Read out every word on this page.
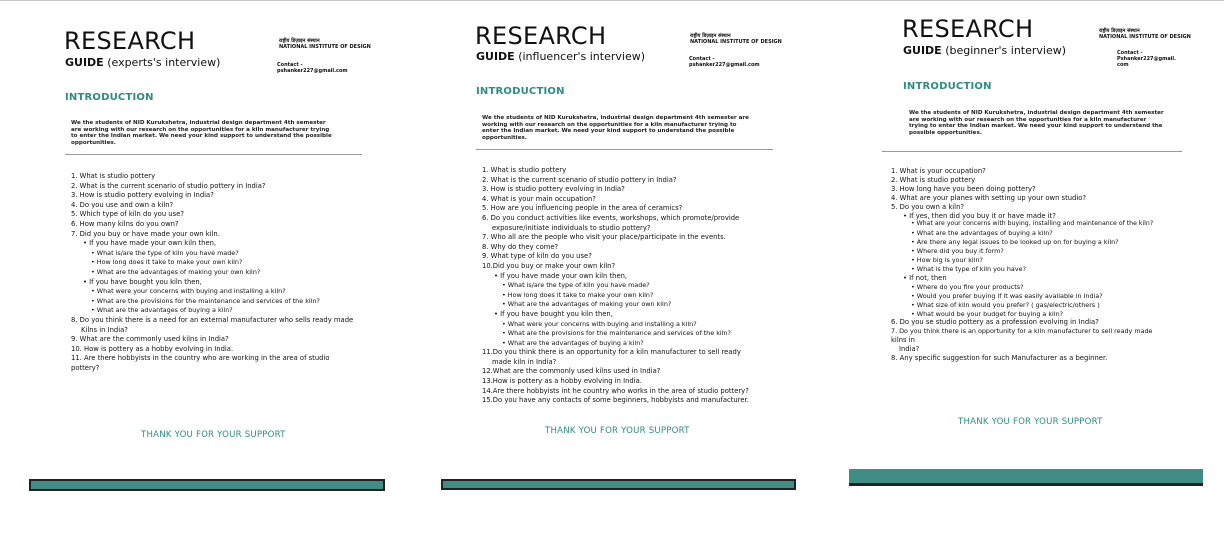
RESEARCH
GUIDE (experts's interview)
राष्ट्रीय डिज़ाइन संस्थान
NATIONAL INSTITUTE OF DESIGN
Contact -
pshanker227@gmail.com
INTRODUCTION
We the students of NID Kurukshetra, industrial design department 4th semester are working with our research on the opportunities for a kiln manufacturer trying to enter the Indian market. We need your kind support to understand the possible opportunities.
1. What is studio pottery
2. What is the current scenario of studio pottery in India?
3. How is studio pottery evolving in India?
4. Do you use and own a kiln?
5. Which type of kiln do you use?
6. How many kilns do you own?
7. Did you buy or have made your own kiln.
• If you have made your own kiln then,
• What is/are the type of kiln you have made?
• How long does it take to make your own kiln?
• What are the advantages of making your own kiln?
• If you have bought you kiln then,
• What were your concerns with buying and installing a kiln?
• What are the provisions for the maintenance and services of the kiln?
• What are the advantages of buying a kiln?
8. Do you think there is a need for an external manufacturer who sells ready made
Kilns in India?
9. What are the commonly used kilns in India?
10. How is pottery as a hobby evolving in India.
11. Are there hobbyists in the country who are working in the area of studio pottery?
THANK YOU FOR YOUR SUPPORT
RESEARCH
GUIDE (influencer's interview)
राष्ट्रीय डिज़ाइन संस्थान
NATIONAL INSTITUTE OF DESIGN
Contact -
pshanker227@gmail.com
INTRODUCTION
We the students of NID Kurukshetra, industrial design department 4th semester are working with our research on the opportunities for a kiln manufacturer trying to enter the Indian market. We need your kind support to understand the possible opportunities.
1. What is studio pottery
2. What is the current scenario of studio pottery in India?
3. How is studio pottery evolving in India?
4. What is your main occupation?
5. How are you influencing people in the area of ceramics?
6. Do you conduct activities like events, workshops, which promote/provide
exposure/initiate individuals to studio pottery?
7. Who all are the people who visit your place/participate in the events.
8. Why do they come?
9. What type of kiln do you use?
10.Did you buy or make your own kiln?
• If you have made your own kiln then,
• What is/are the type of kiln you have made?
• How long does it take to make your own kiln?
• What are the advantages of making your own kiln?
• If you have bought you kiln then,
• What were your concerns with buying and installing a kiln?
• What are the provisions for the maintenance and services of the kiln?
• What are the advantages of buying a kiln?
11.Do you think there is an opportunity for a kiln manufacturer to sell ready
made kiln in India?
12.What are the commonly used kilns used in India?
13.How is pottery as a hobby evolving in India.
14.Are there hobbyists int he country who works in the area of studio pottery?
15.Do you have any contacts of some beginners, hobbyists and manufacturer.
THANK YOU FOR YOUR SUPPORT
RESEARCH
GUIDE (beginner's interview)
राष्ट्रीय डिज़ाइन संस्थान
NATIONAL INSTITUTE OF DESIGN
Contact -
Pshanker227@gmail.com
INTRODUCTION
We the students of NID Kurukshetra, industrial design department 4th semester are working with our research on the opportunities for a kiln manufacturer trying to enter the Indian market. We need your kind support to understand the possible opportunities.
1. What is your occupation?
2. What is studio pottery
3. How long have you been doing pottery?
4. What are your planes with setting up your own studio?
5. Do you own a kiln?
• If yes, then did you buy it or have made it?
• What are your concerns with buying, installing and maintenance of the kiln?
• What are the advantages of buying a kiln?
• Are there any legal issues to be looked up on for buying a kiln?
• Where did you buy it form?
• How big is your kiln?
• What is the type of kiln you have?
• If not, then
• Where do you fire your products?
• Would you prefer buying if it was easily available in India?
• What size of kiln would you prefer? ( gas/electric/others )
• What would be your budget for buying a kiln?
6. Do you se studio pottery as a profession evolving in India?
7. Do you think there is an opportunity for a kiln manufacturer to sell ready made
kilns in
India?
8. Any specific suggestion for such Manufacturer as a beginner.
THANK YOU FOR YOUR SUPPORT
